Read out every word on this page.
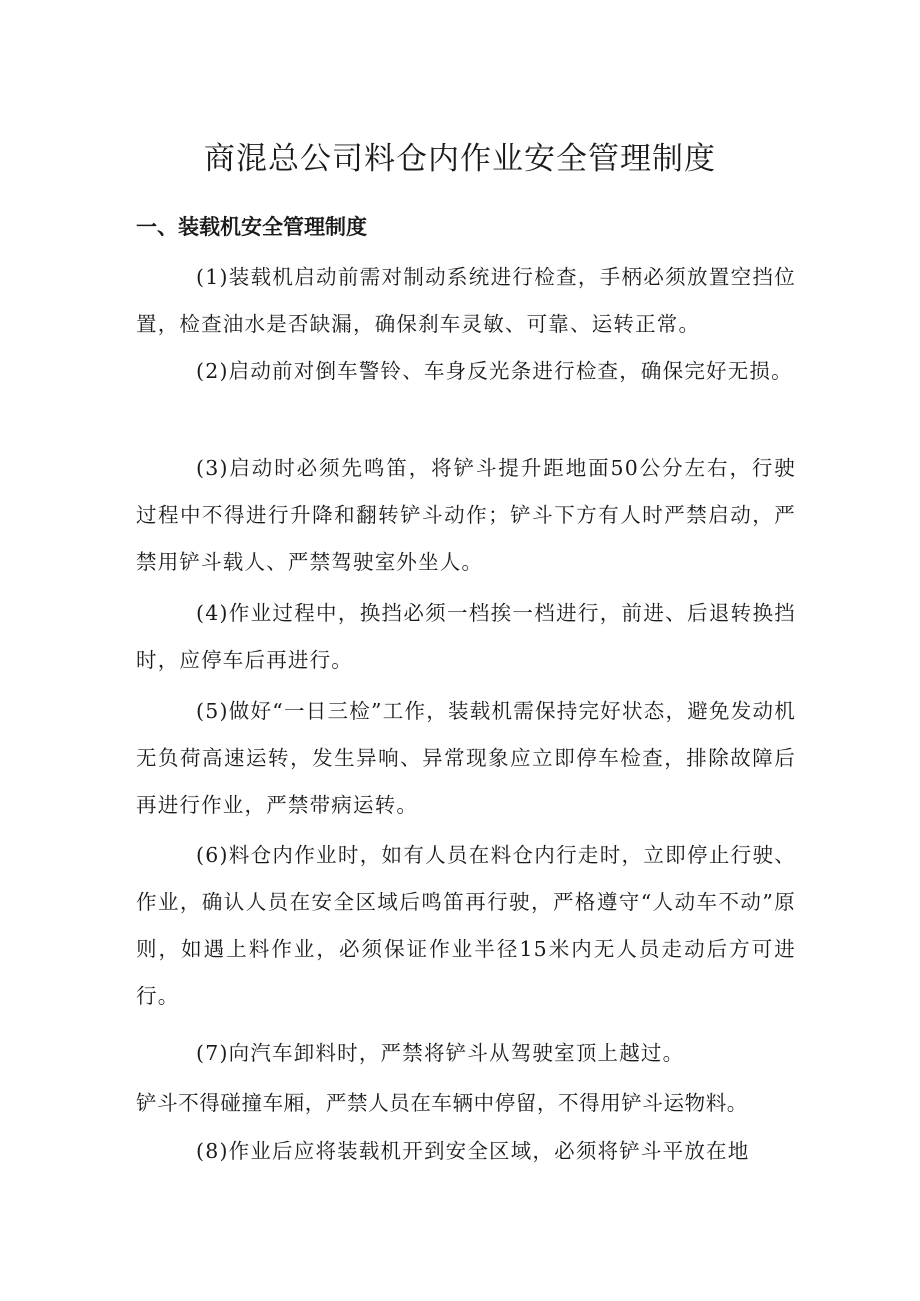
商混总公司料仓内作业安全管理制度
一、装载机安全管理制度

(1)装载机启动前需对制动系统进行检查，手柄必须放置空挡位置，检查油水是否缺漏，确保刹车灵敏、可靠、运转正常。

(2)启动前对倒车警铃、车身反光条进行检查，确保完好无损。

(3)启动时必须先鸣笛，将铲斗提升距地面50公分左右，行驶过程中不得进行升降和翻转铲斗动作；铲斗下方有人时严禁启动，严禁用铲斗载人、严禁驾驶室外坐人。

(4)作业过程中，换挡必须一档挨一档进行，前进、后退转换挡时，应停车后再进行。

(5)做好“一日三检”工作，装载机需保持完好状态，避免发动机无负荷高速运转，发生异响、异常现象应立即停车检查，排除故障后再进行作业，严禁带病运转。

(6)料仓内作业时，如有人员在料仓内行走时，立即停止行驶、作业，确认人员在安全区域后鸣笛再行驶，严格遵守“人动车不动”原则，如遇上料作业，必须保证作业半径15米内无人员走动后方可进行。

(7)向汽车卸料时，严禁将铲斗从驾驶室顶上越过。

铲斗不得碰撞车厢，严禁人员在车辆中停留，不得用铲斗运物料。

(8)作业后应将装载机开到安全区域，必须将铲斗平放在地
